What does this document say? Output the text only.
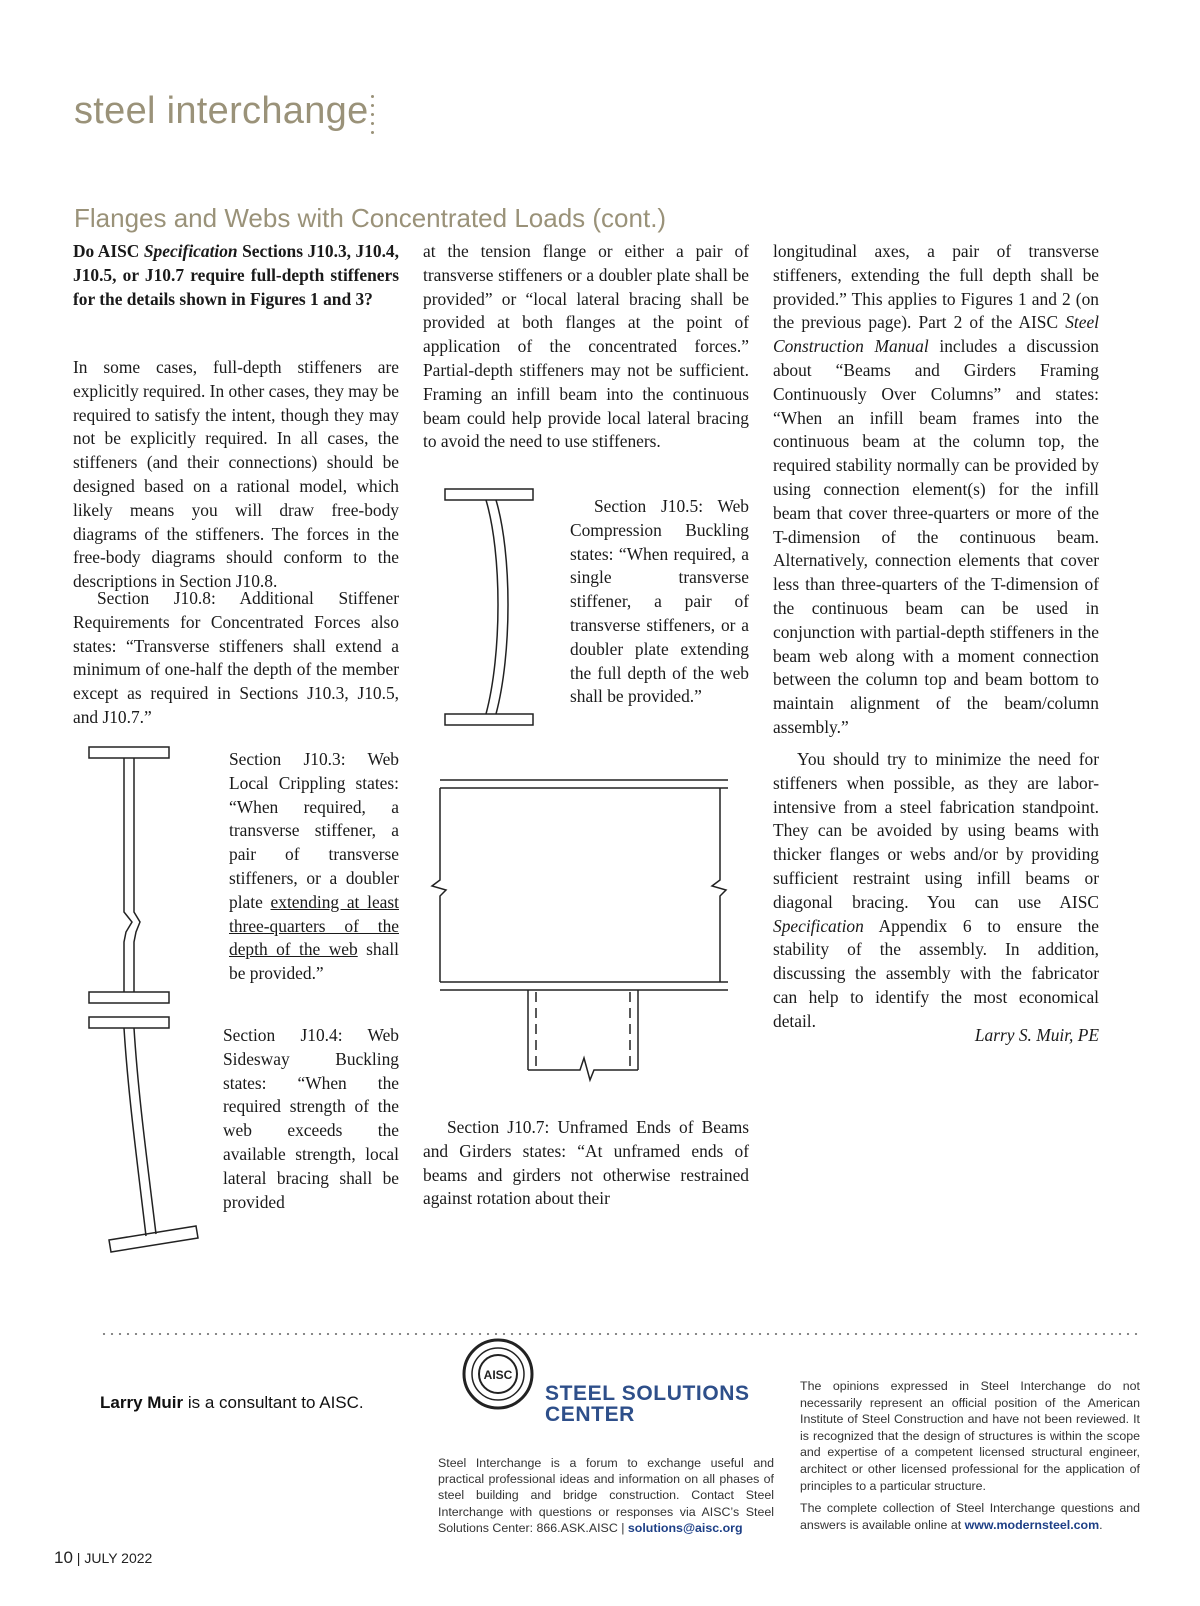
steel interchange
Flanges and Webs with Concentrated Loads (cont.)

Do AISC Specification Sections J10.3, J10.4, J10.5, or J10.7 require full-depth stiffeners for the details shown in Figures 1 and 3?

In some cases, full-depth stiffeners are explicitly required. In other cases, they may be required to satisfy the intent, though they may not be explicitly required. In all cases, the stiffeners (and their connections) should be designed based on a rational model, which likely means you will draw free-body diagrams of the stiffeners. The forces in the free-body diagrams should conform to the descriptions in Section J10.8.

Section J10.8: Additional Stiffener Requirements for Concentrated Forces also states: “Transverse stiffeners shall extend a minimum of one-half the depth of the member except as required in Sections J10.3, J10.5, and J10.7.”

Section J10.3: Web Local Crippling states: “When required, a transverse stiffener, a pair of transverse stiffeners, or a doubler plate extending at least three-quarters of the depth of the web shall be provided.”

Section J10.4: Web Sidesway Buckling states: “When the required strength of the web exceeds the available strength, local lateral bracing shall be provided

at the tension flange or either a pair of transverse stiffeners or a doubler plate shall be provided” or “local lateral bracing shall be provided at both flanges at the point of application of the concentrated forces.” Partial-depth stiffeners may not be sufficient. Framing an infill beam into the continuous beam could help provide local lateral bracing to avoid the need to use stiffeners.

Section J10.5: Web Compression Buckling states: “When required, a single transverse stiffener, a pair of transverse stiffeners, or a doubler plate extending the full depth of the web shall be provided.”

Section J10.7: Unframed Ends of Beams and Girders states: “At unframed ends of beams and girders not otherwise restrained against rotation about their

longitudinal axes, a pair of transverse stiffeners, extending the full depth shall be provided.” This applies to Figures 1 and 2 (on the previous page). Part 2 of the AISC Steel Construction Manual includes a discussion about “Beams and Girders Framing Continuously Over Columns” and states: “When an infill beam frames into the continuous beam at the column top, the required stability normally can be provided by using connection element(s) for the infill beam that cover three-quarters or more of the T-dimension of the continuous beam. Alternatively, connection elements that cover less than three-quarters of the T-dimension of the continuous beam can be used in conjunction with partial-depth stiffeners in the beam web along with a moment connection between the column top and beam bottom to maintain alignment of the beam/column assembly.”

You should try to minimize the need for stiffeners when possible, as they are labor-intensive from a steel fabrication standpoint. They can be avoided by using beams with thicker flanges or webs and/or by providing sufficient restraint using infill beams or diagonal bracing. You can use AISC Specification Appendix 6 to ensure the stability of the assembly. In addition, discussing the assembly with the fabricator can help to identify the most economical detail.

Larry S. Muir, PE

Larry Muir is a consultant to AISC.
AISC
STEEL SOLUTIONS
CENTER
Steel Interchange is a forum to exchange useful and practical professional ideas and information on all phases of steel building and bridge construction. Contact Steel Interchange with questions or responses via AISC’s Steel Solutions Center: 866.ASK.AISC | solutions@aisc.org
The opinions expressed in Steel Interchange do not necessarily represent an official position of the American Institute of Steel Construction and have not been reviewed. It is recognized that the design of structures is within the scope and expertise of a competent licensed structural engineer, architect or other licensed professional for the application of principles to a particular structure.
The complete collection of Steel Interchange questions and answers is available online at www.modernsteel.com.
10 | JULY 2022
